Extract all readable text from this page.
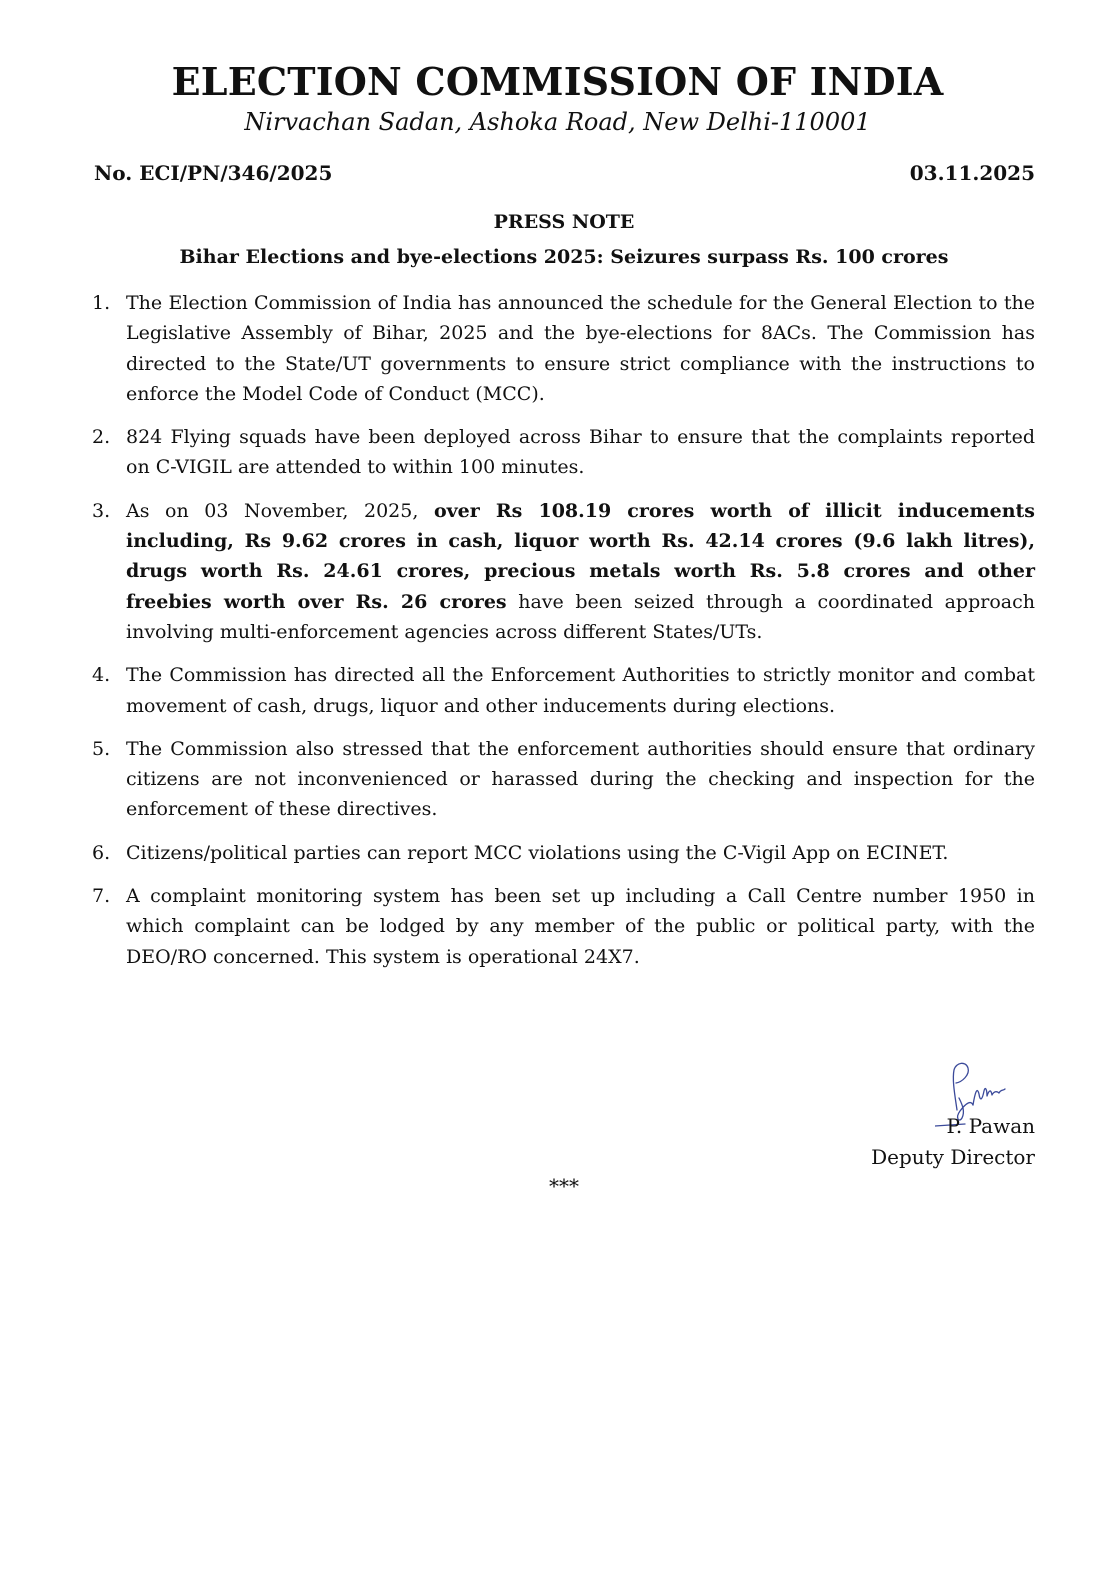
ELECTION COMMISSION OF INDIA
Nirvachan Sadan, Ashoka Road, New Delhi-110001
No. ECI/PN/346/2025	03.11.2025
PRESS NOTE
Bihar Elections and bye-elections 2025: Seizures surpass Rs. 100 crores
1. The Election Commission of India has announced the schedule for the General Election to the Legislative Assembly of Bihar, 2025 and the bye-elections for 8ACs. The Commission has directed to the State/UT governments to ensure strict compliance with the instructions to enforce the Model Code of Conduct (MCC).
2. 824 Flying squads have been deployed across Bihar to ensure that the complaints reported on C-VIGIL are attended to within 100 minutes.
3. As on 03 November, 2025, over Rs 108.19 crores worth of illicit inducements including, Rs 9.62 crores in cash, liquor worth Rs. 42.14 crores (9.6 lakh litres), drugs worth Rs. 24.61 crores, precious metals worth Rs. 5.8 crores and other freebies worth over Rs. 26 crores have been seized through a coordinated approach involving multi-enforcement agencies across different States/UTs.
4. The Commission has directed all the Enforcement Authorities to strictly monitor and combat movement of cash, drugs, liquor and other inducements during elections.
5. The Commission also stressed that the enforcement authorities should ensure that ordinary citizens are not inconvenienced or harassed during the checking and inspection for the enforcement of these directives.
6. Citizens/political parties can report MCC violations using the C-Vigil App on ECINET.
7. A complaint monitoring system has been set up including a Call Centre number 1950 in which complaint can be lodged by any member of the public or political party, with the DEO/RO concerned. This system is operational 24X7.
P. Pawan
Deputy Director
***
